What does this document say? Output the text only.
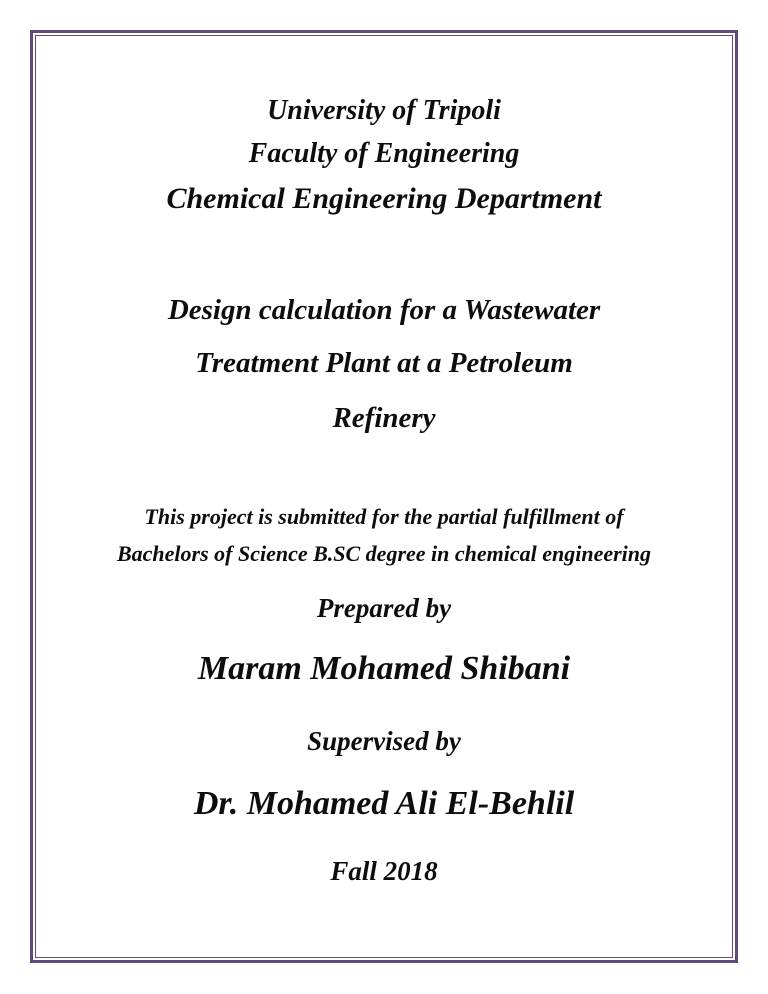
University of Tripoli
Faculty of Engineering
Chemical Engineering Department
Design calculation for a Wastewater
Treatment Plant at a Petroleum
Refinery
This project is submitted for the partial fulfillment of
Bachelors of Science B.SC degree in chemical engineering
Prepared by
Maram Mohamed Shibani
Supervised by
Dr. Mohamed Ali El-Behlil
Fall 2018
